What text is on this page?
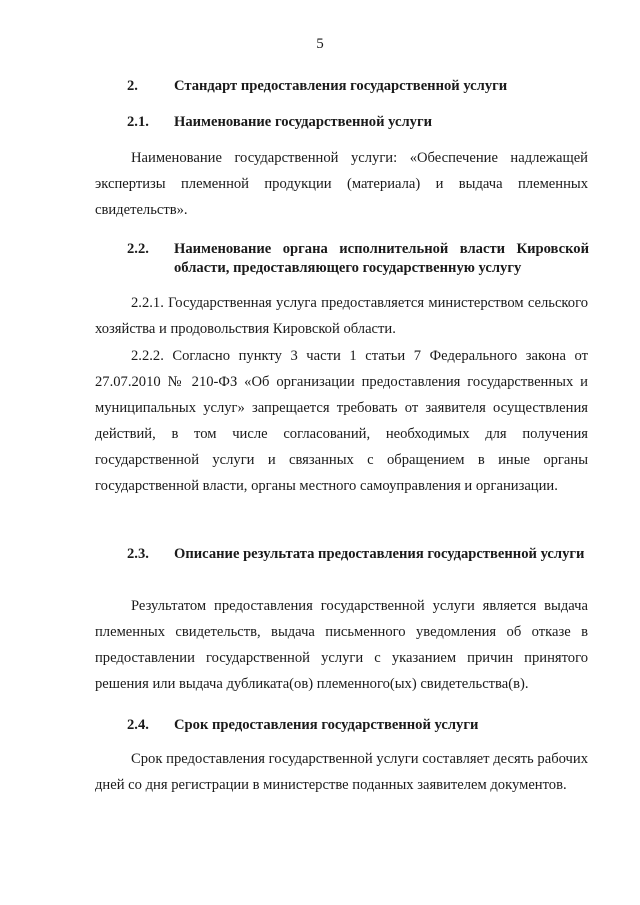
5
2.	Стандарт предоставления государственной услуги
2.1.	Наименование государственной услуги
Наименование государственной услуги: «Обеспечение надлежащей экспертизы племенной продукции (материала) и выдача племенных свидетельств».
2.2.	Наименование органа исполнительной власти Кировской области, предоставляющего государственную услугу
2.2.1. Государственная услуга предоставляется министерством сельского хозяйства и продовольствия Кировской области.
2.2.2. Согласно пункту 3 части 1 статьи 7 Федерального закона от 27.07.2010 № 210-ФЗ «Об организации предоставления государственных и муниципальных услуг» запрещается требовать от заявителя осуществления действий, в том числе согласований, необходимых для получения государственной услуги и связанных с обращением в иные органы государственной власти, органы местного самоуправления и организации.
2.3.	Описание результата предоставления государственной услуги
Результатом предоставления государственной услуги является выдача племенных свидетельств, выдача письменного уведомления об отказе в предоставлении государственной услуги с указанием причин принятого решения или выдача дубликата(ов) племенного(ых) свидетельства(в).
2.4.	Срок предоставления государственной услуги
Срок предоставления государственной услуги составляет десять рабочих дней со дня регистрации в министерстве поданных заявителем документов.
